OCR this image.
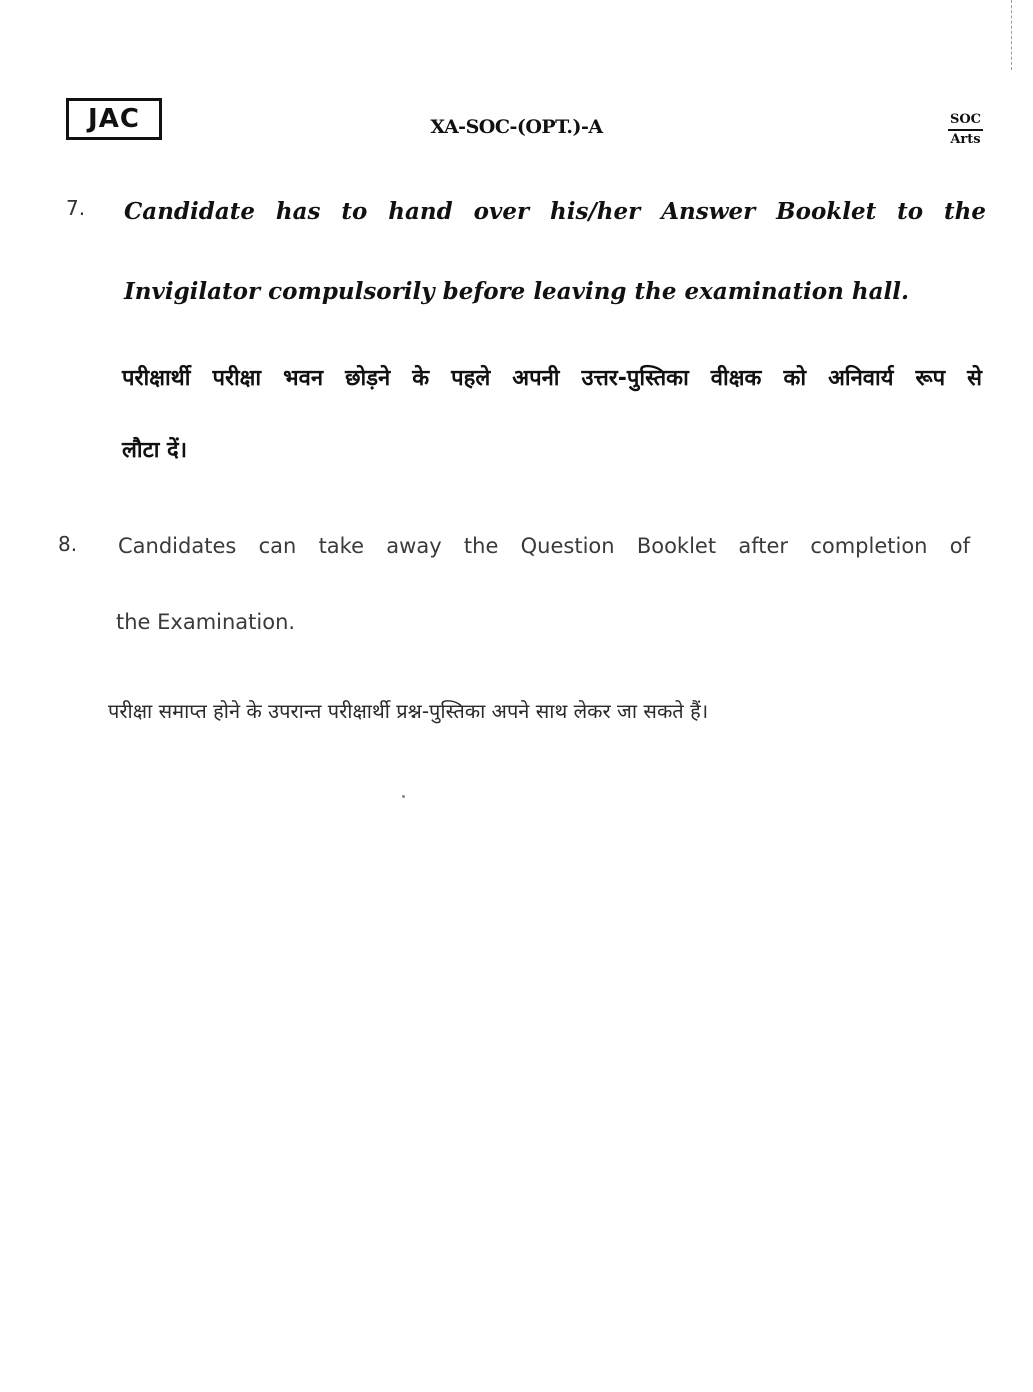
JAC	XA-SOC-(OPT.)-A	SOC
Arts
7. Candidate has to hand over his/her Answer Booklet to the
Invigilator compulsorily before leaving the examination hall.
परीक्षार्थी परीक्षा भवन छोड़ने के पहले अपनी उत्तर-पुस्तिका वीक्षक को अनिवार्य रूप से
लौटा दें।
8. Candidates can take away the Question Booklet after completion of
the Examination.
परीक्षा समाप्त होने के उपरान्त परीक्षार्थी प्रश्न-पुस्तिका अपने साथ लेकर जा सकते हैं।
